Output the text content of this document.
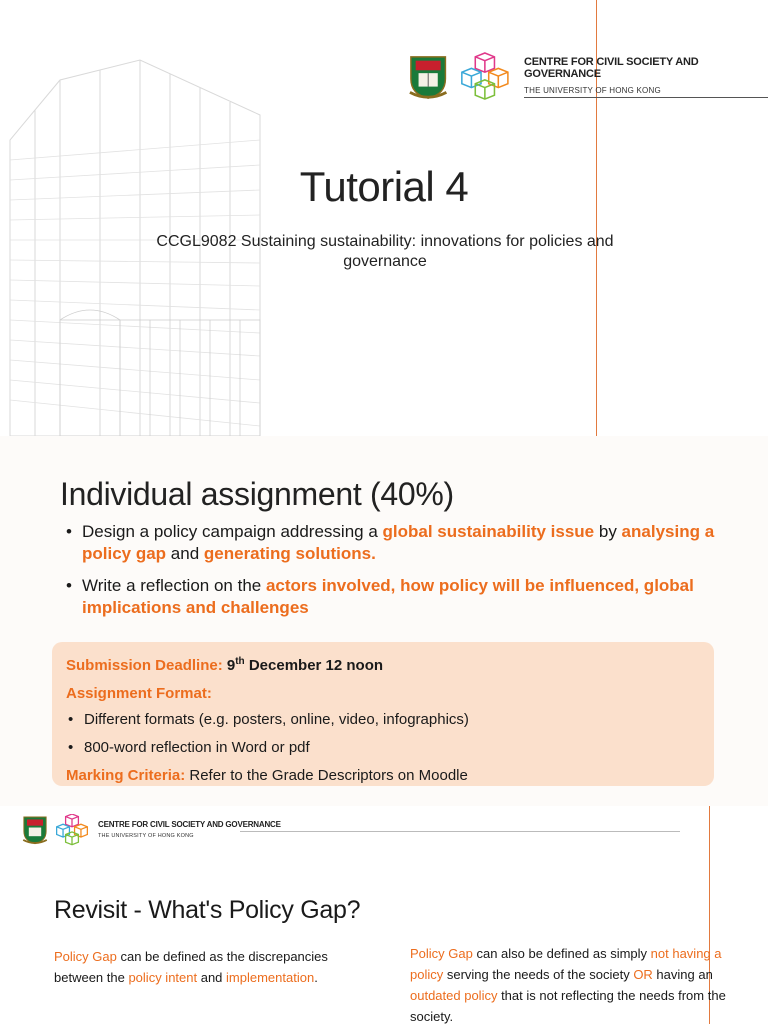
CENTRE FOR CIVIL SOCIETY AND GOVERNANCE
THE UNIVERSITY OF HONG KONG
Tutorial 4
CCGL9082 Sustaining sustainability: innovations for policies and governance
Individual assignment (40%)
• Design a policy campaign addressing a global sustainability issue by analysing a policy gap and generating solutions.
• Write a reflection on the actors involved, how policy will be influenced, global implications and challenges
Submission Deadline: 9th December 12 noon
Assignment Format:
• Different formats (e.g. posters, online, video, infographics)
• 800-word reflection in Word or pdf
Marking Criteria: Refer to the Grade Descriptors on Moodle
CENTRE FOR CIVIL SOCIETY AND GOVERNANCE
THE UNIVERSITY OF HONG KONG
Revisit - What's Policy Gap?
Policy Gap can be defined as the discrepancies between the policy intent and implementation.
Policy Gap can also be defined as simply not having a policy serving the needs of the society OR having an outdated policy that is not reflecting the needs from the society.
